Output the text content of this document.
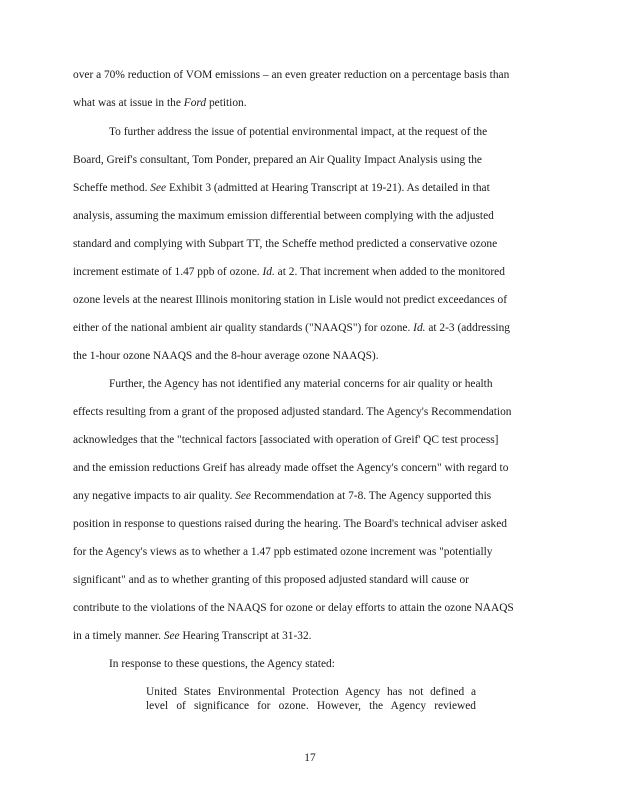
over a 70% reduction of VOM emissions – an even greater reduction on a percentage basis than
what was at issue in the Ford petition.
To further address the issue of potential environmental impact, at the request of the
Board, Greif's consultant, Tom Ponder, prepared an Air Quality Impact Analysis using the
Scheffe method. See Exhibit 3 (admitted at Hearing Transcript at 19-21). As detailed in that
analysis, assuming the maximum emission differential between complying with the adjusted
standard and complying with Subpart TT, the Scheffe method predicted a conservative ozone
increment estimate of 1.47 ppb of ozone. Id. at 2. That increment when added to the monitored
ozone levels at the nearest Illinois monitoring station in Lisle would not predict exceedances of
either of the national ambient air quality standards ("NAAQS") for ozone. Id. at 2-3 (addressing
the 1-hour ozone NAAQS and the 8-hour average ozone NAAQS).
Further, the Agency has not identified any material concerns for air quality or health
effects resulting from a grant of the proposed adjusted standard. The Agency's Recommendation
acknowledges that the "technical factors [associated with operation of Greif' QC test process]
and the emission reductions Greif has already made offset the Agency's concern" with regard to
any negative impacts to air quality. See Recommendation at 7-8. The Agency supported this
position in response to questions raised during the hearing. The Board's technical adviser asked
for the Agency's views as to whether a 1.47 ppb estimated ozone increment was "potentially
significant" and as to whether granting of this proposed adjusted standard will cause or
contribute to the violations of the NAAQS for ozone or delay efforts to attain the ozone NAAQS
in a timely manner. See Hearing Transcript at 31-32.
In response to these questions, the Agency stated:
United States Environmental Protection Agency has not defined a
level of significance for ozone. However, the Agency reviewed
17
